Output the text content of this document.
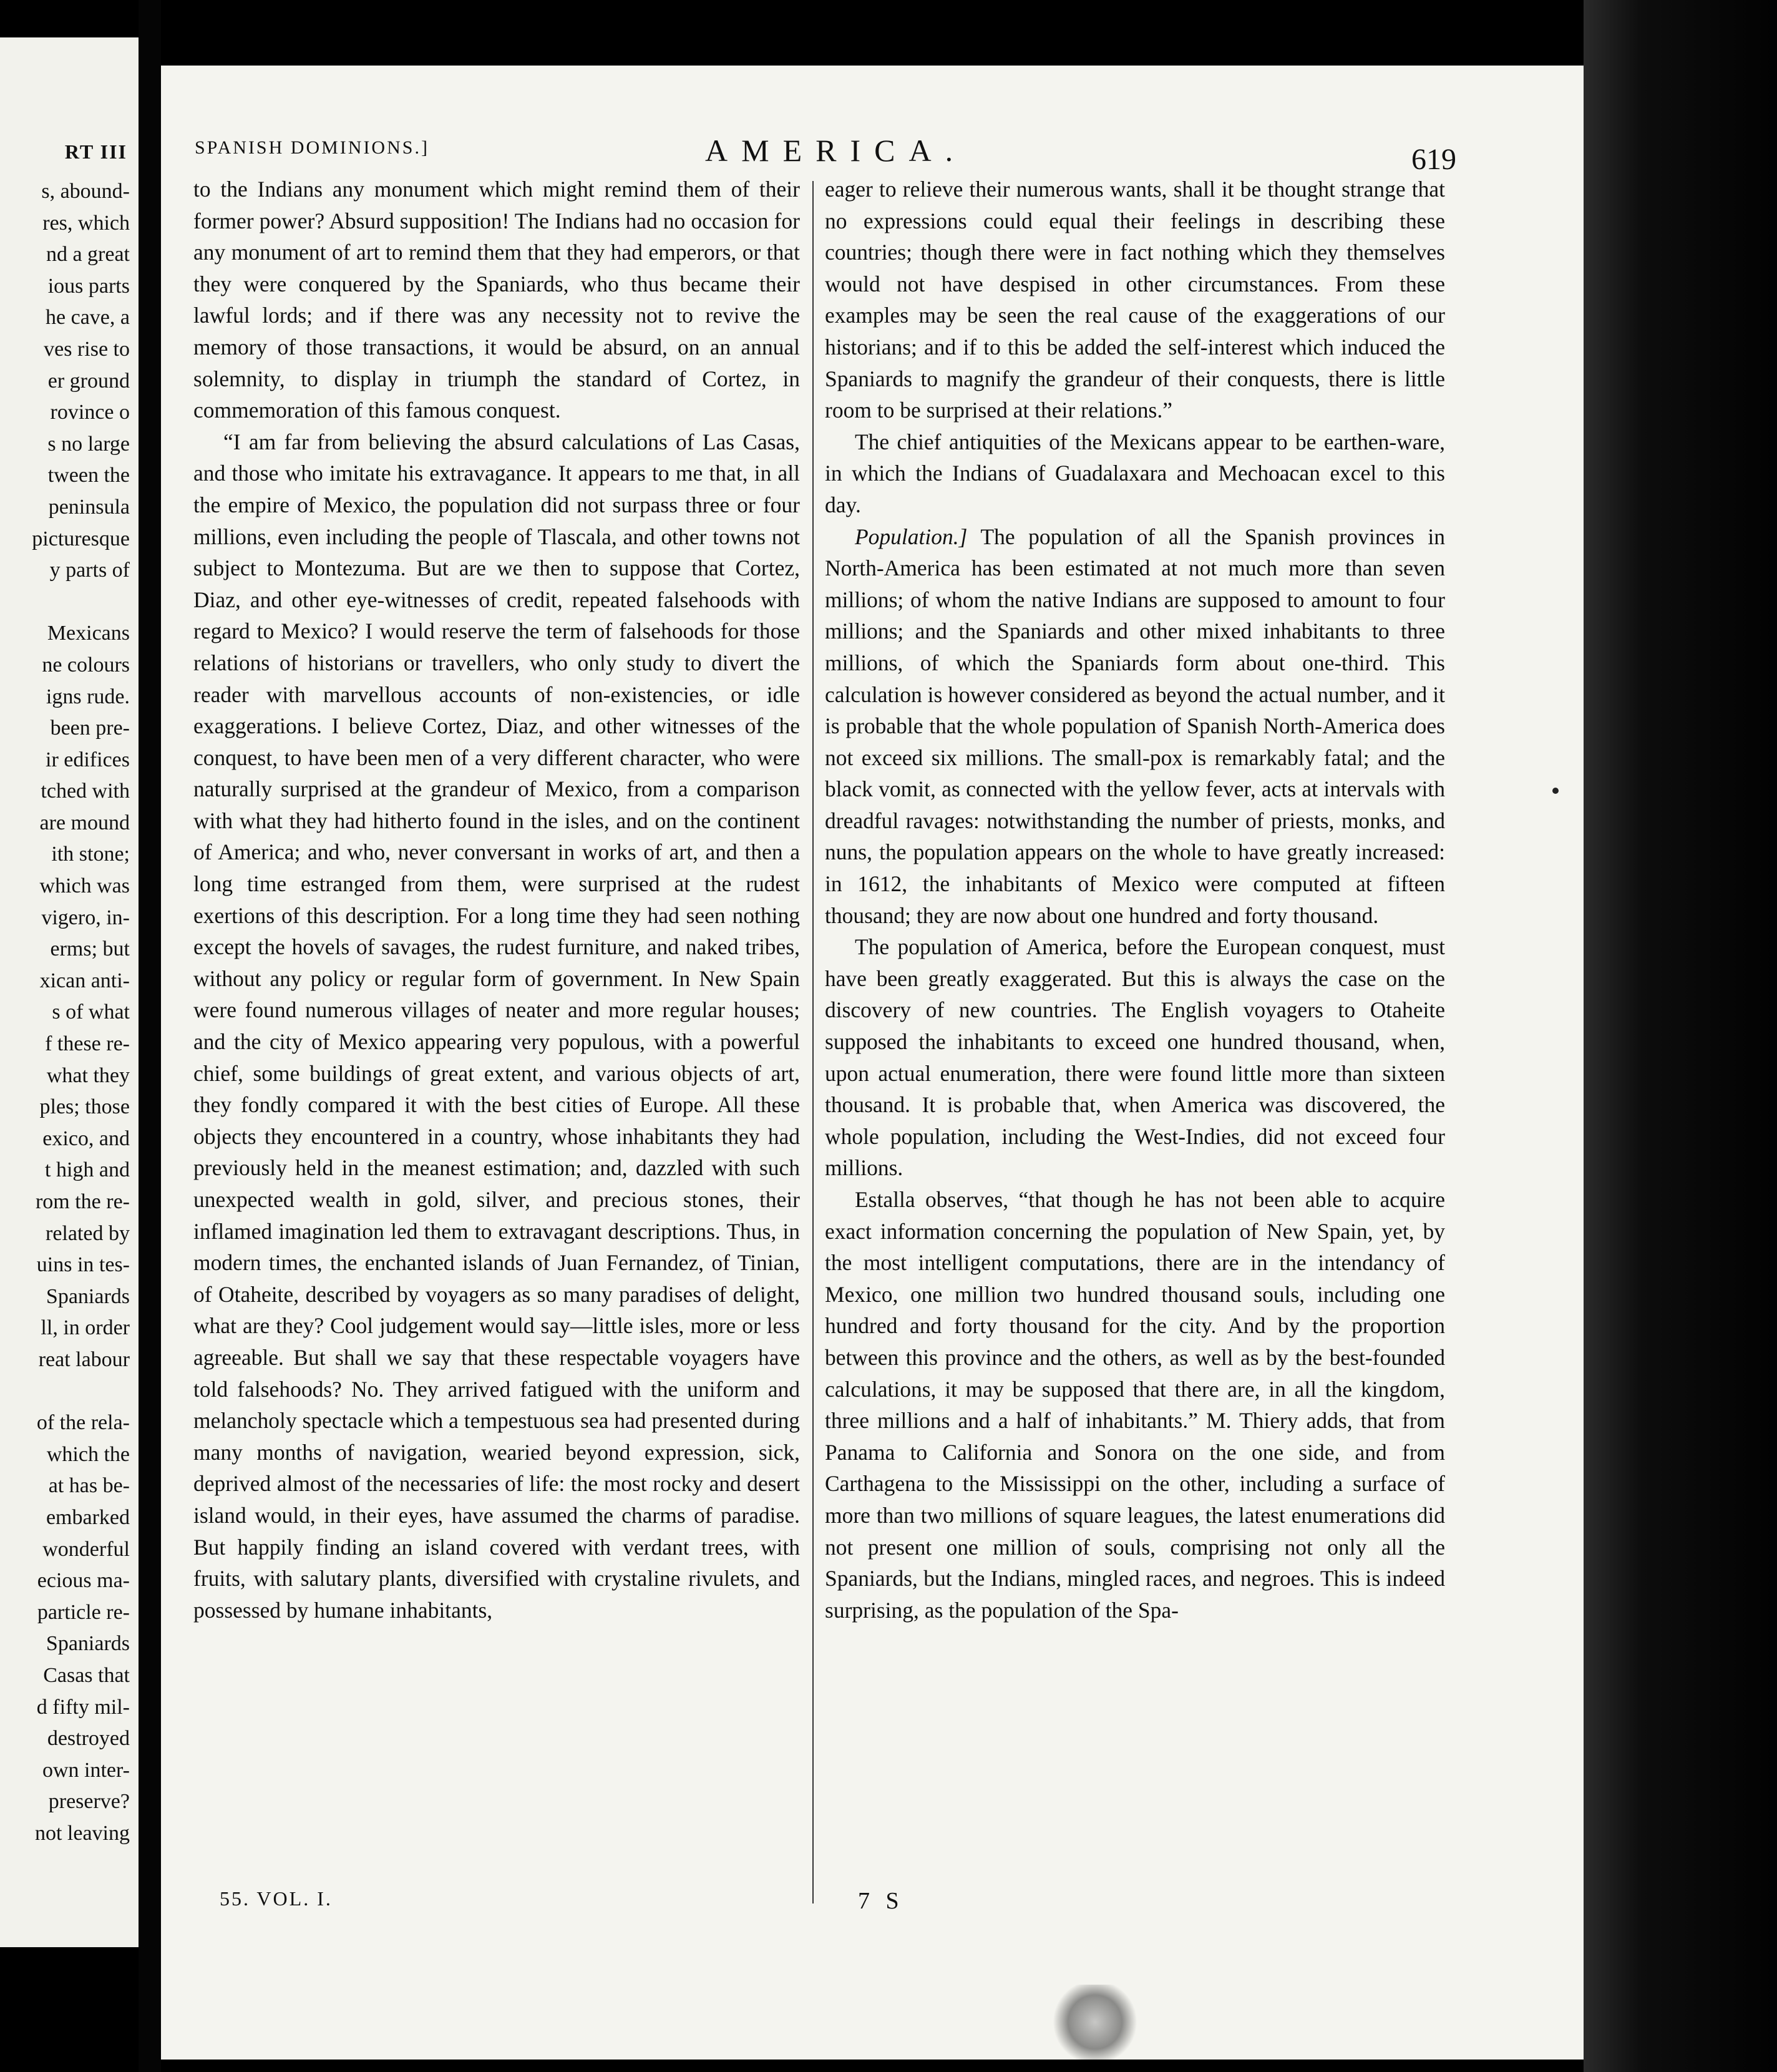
RT III
s, abound-
res, which
nd a great
ious parts
he cave, a
ves rise to
er ground
rovince o
s no large
tween the
peninsula
picturesque
y parts of

Mexicans
ne colours
igns rude.
been pre-
ir edifices
tched with
are mound
ith stone;
which was
vigero, in-
erms; but
xican anti-
s of what
f these re-
what they
ples; those
exico, and
t high and
rom the re-
related by
uins in tes-
Spaniards
ll, in order
reat labour

of the rela-
which the
at has be-
embarked
wonderful
ecious ma-
particle re-
Spaniards
Casas that
d fifty mil-
destroyed
own inter-
preserve?
not leaving
SPANISH DOMINIONS.]	AMERICA.	619

to the Indians any monument which might remind them of their former power? Absurd supposition! The Indians had no occasion for any monument of art to remind them that they had emperors, or that they were conquered by the Spaniards, who thus became their lawful lords; and if there was any necessity not to revive the memory of those transactions, it would be absurd, on an annual solemnity, to display in triumph the standard of Cortez, in commemoration of this famous conquest.

“I am far from believing the absurd calculations of Las Casas, and those who imitate his extravagance. It appears to me that, in all the empire of Mexico, the population did not surpass three or four millions, even including the people of Tlascala, and other towns not subject to Montezuma. But are we then to suppose that Cortez, Diaz, and other eye-witnesses of credit, repeated falsehoods with regard to Mexico? I would reserve the term of falsehoods for those relations of historians or travellers, who only study to divert the reader with marvellous accounts of non-existencies, or idle exaggerations. I believe Cortez, Diaz, and other witnesses of the conquest, to have been men of a very different character, who were naturally surprised at the grandeur of Mexico, from a comparison with what they had hitherto found in the isles, and on the continent of America; and who, never conversant in works of art, and then a long time estranged from them, were surprised at the rudest exertions of this description. For a long time they had seen nothing except the hovels of savages, the rudest furniture, and naked tribes, without any policy or regular form of government. In New Spain were found numerous villages of neater and more regular houses; and the city of Mexico appearing very populous, with a powerful chief, some buildings of great extent, and various objects of art, they fondly compared it with the best cities of Europe. All these objects they encountered in a country, whose inhabitants they had previously held in the meanest estimation; and, dazzled with such unexpected wealth in gold, silver, and precious stones, their inflamed imagination led them to extravagant descriptions. Thus, in modern times, the enchanted islands of Juan Fernandez, of Tinian, of Otaheite, described by voyagers as so many paradises of delight, what are they? Cool judgement would say—little isles, more or less agreeable. But shall we say that these respectable voyagers have told falsehoods? No. They arrived fatigued with the uniform and melancholy spectacle which a tempestuous sea had presented during many months of navigation, wearied beyond expression, sick, deprived almost of the necessaries of life: the most rocky and desert island would, in their eyes, have assumed the charms of paradise. But happily finding an island covered with verdant trees, with fruits, with salutary plants, diversified with crystaline rivulets, and possessed by humane inhabitants,

eager to relieve their numerous wants, shall it be thought strange that no expressions could equal their feelings in describing these countries; though there were in fact nothing which they themselves would not have despised in other circumstances. From these examples may be seen the real cause of the exaggerations of our historians; and if to this be added the self-interest which induced the Spaniards to magnify the grandeur of their conquests, there is little room to be surprised at their relations.”

The chief antiquities of the Mexicans appear to be earthen-ware, in which the Indians of Guadalaxara and Mechoacan excel to this day.

Population.] The population of all the Spanish provinces in North-America has been estimated at not much more than seven millions; of whom the native Indians are supposed to amount to four millions; and the Spaniards and other mixed inhabitants to three millions, of which the Spaniards form about one-third. This calculation is however considered as beyond the actual number, and it is probable that the whole population of Spanish North-America does not exceed six millions. The small-pox is remarkably fatal; and the black vomit, as connected with the yellow fever, acts at intervals with dreadful ravages: notwithstanding the number of priests, monks, and nuns, the population appears on the whole to have greatly increased: in 1612, the inhabitants of Mexico were computed at fifteen thousand; they are now about one hundred and forty thousand.

The population of America, before the European conquest, must have been greatly exaggerated. But this is always the case on the discovery of new countries. The English voyagers to Otaheite supposed the inhabitants to exceed one hundred thousand, when, upon actual enumeration, there were found little more than sixteen thousand. It is probable that, when America was discovered, the whole population, including the West-Indies, did not exceed four millions.

Estalla observes, “that though he has not been able to acquire exact information concerning the population of New Spain, yet, by the most intelligent computations, there are in the intendancy of Mexico, one million two hundred thousand souls, including one hundred and forty thousand for the city. And by the proportion between this province and the others, as well as by the best-founded calculations, it may be supposed that there are, in all the kingdom, three millions and a half of inhabitants.” M. Thiery adds, that from Panama to California and Sonora on the one side, and from Carthagena to the Mississippi on the other, including a surface of more than two millions of square leagues, the latest enumerations did not present one million of souls, comprising not only all the Spaniards, but the Indians, mingled races, and negroes. This is indeed surprising, as the population of the Spa-

55. VOL. I.	7 S
